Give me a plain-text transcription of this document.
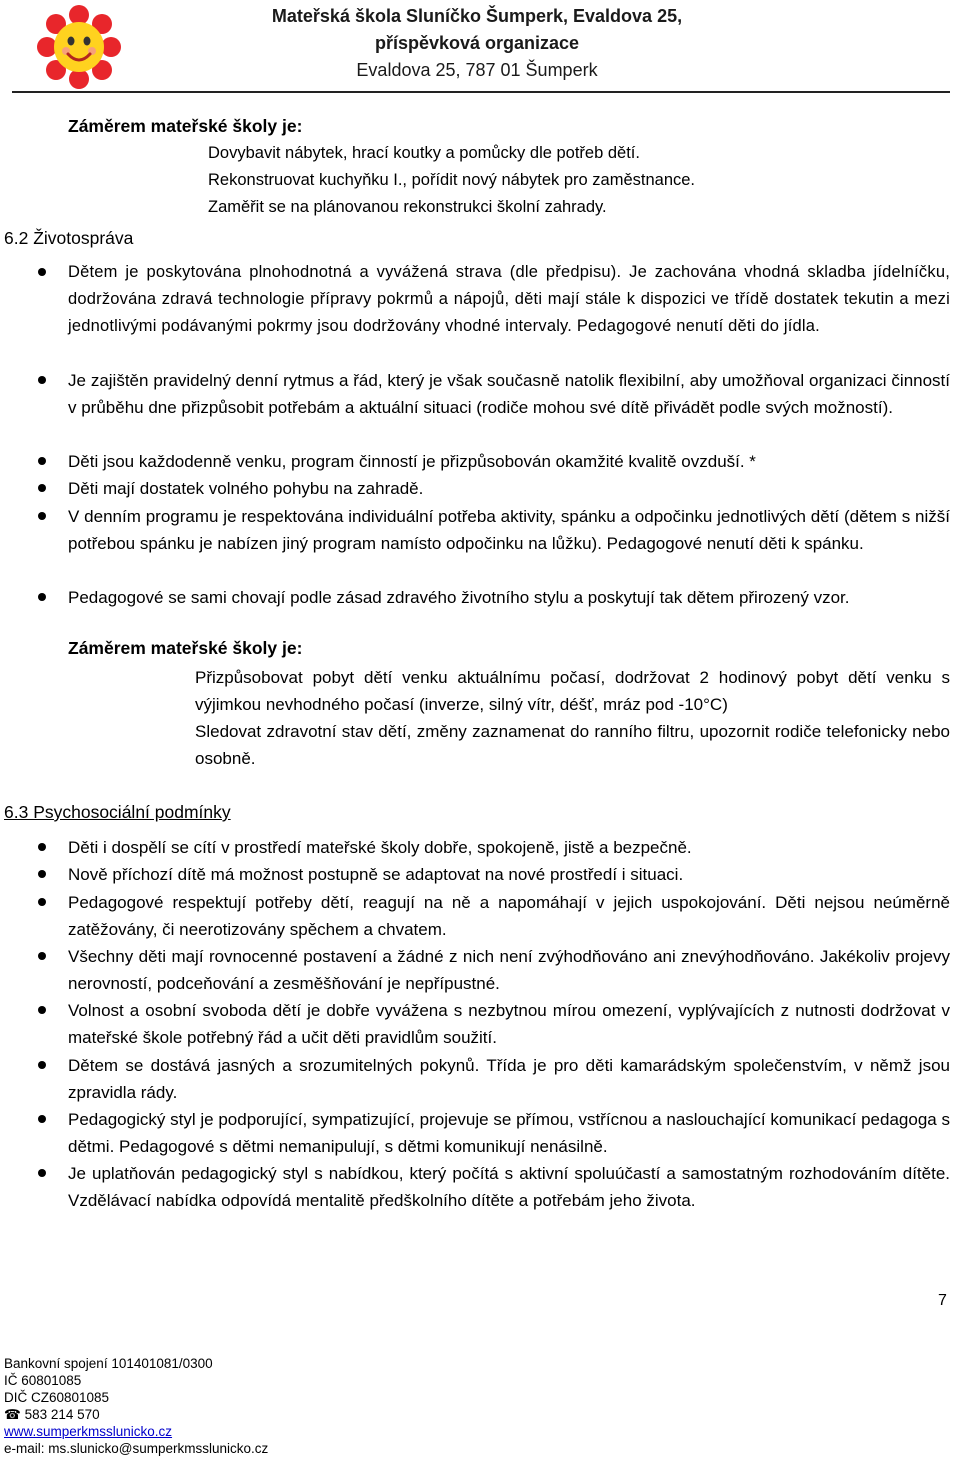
Mateřská škola Sluníčko Šumperk, Evaldova 25,
příspěvková organizace
Evaldova 25, 787 01 Šumperk
Záměrem mateřské školy je:
Dovybavit nábytek, hrací koutky a pomůcky dle potřeb dětí.
Rekonstruovat kuchyňku I., pořídit nový nábytek pro zaměstnance.
Zaměřit se na plánovanou rekonstrukci školní zahrady.
6.2 Životospráva
Dětem je poskytována plnohodnotná a vyvážená strava (dle předpisu). Je zachována vhodná skladba jídelníčku, dodržována zdravá technologie přípravy pokrmů a nápojů, děti mají stále k dispozici ve třídě dostatek tekutin a mezi jednotlivými podávanými pokrmy jsou dodržovány vhodné intervaly. Pedagogové nenutí děti do jídla.
Je zajištěn pravidelný denní rytmus a řád, který je však současně natolik flexibilní, aby umožňoval organizaci činností v průběhu dne přizpůsobit potřebám a aktuální situaci (rodiče mohou své dítě přivádět podle svých možností).
Děti jsou každodenně venku, program činností je přizpůsobován okamžité kvalitě ovzduší. *
Děti mají dostatek volného pohybu na zahradě.
V denním programu je respektována individuální potřeba aktivity, spánku a odpočinku jednotlivých dětí (dětem s nižší potřebou spánku je nabízen jiný program namísto odpočinku na lůžku). Pedagogové nenutí děti k spánku.
Pedagogové se sami chovají podle zásad zdravého životního stylu a poskytují tak dětem přirozený vzor.
Záměrem mateřské školy je:
Přizpůsobovat pobyt dětí venku aktuálnímu počasí, dodržovat 2 hodinový pobyt dětí venku s výjimkou nevhodného počasí (inverze, silný vítr, déšť, mráz pod -10°C)
Sledovat zdravotní stav dětí, změny zaznamenat do ranního filtru, upozornit rodiče telefonicky nebo osobně.
6.3 Psychosociální podmínky
Děti i dospělí se cítí v prostředí mateřské školy dobře, spokojeně, jistě a bezpečně.
Nově příchozí dítě má možnost postupně se adaptovat na nové prostředí i situaci.
Pedagogové respektují potřeby dětí, reagují na ně a napomáhají v jejich uspokojování. Děti nejsou neúměrně zatěžovány, či neerotizovány spěchem a chvatem.
Všechny děti mají rovnocenné postavení a žádné z nich není zvýhodňováno ani znevýhodňováno. Jakékoliv projevy nerovností, podceňování a zesměšňování je nepřípustné.
Volnost a osobní svoboda dětí je dobře vyvážena s nezbytnou mírou omezení, vyplývajících z nutnosti dodržovat v mateřské škole potřebný řád a učit děti pravidlům soužití.
Dětem se dostává jasných a srozumitelných pokynů. Třída je pro děti kamarádským společenstvím, v němž jsou zpravidla rády.
Pedagogický styl je podporující, sympatizující, projevuje se přímou, vstřícnou a naslouchající komunikací pedagoga s dětmi. Pedagogové s dětmi nemanipulují, s dětmi komunikují nenásilně.
Je uplatňován pedagogický styl s nabídkou, který počítá s aktivní spoluúčastí a samostatným rozhodováním dítěte. Vzdělávací nabídka odpovídá mentalitě předškolního dítěte a potřebám jeho života.
7
Bankovní spojení 101401081/0300
IČ 60801085
DIČ CZ60801085
☎ 583 214 570
www.sumperkmsslunicko.cz
e-mail: ms.slunicko@sumperkmsslunicko.cz
